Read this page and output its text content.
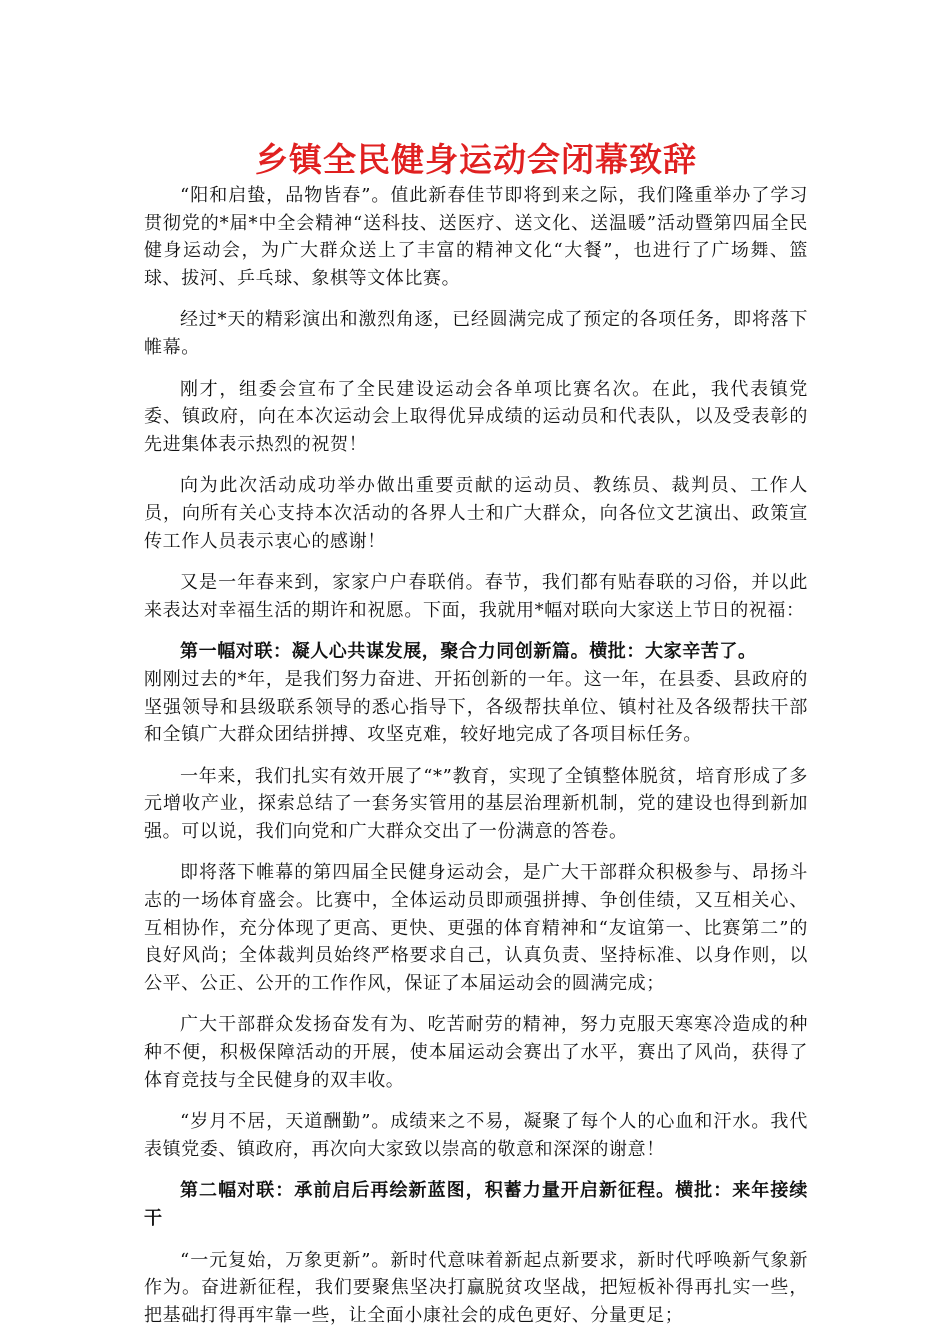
乡镇全民健身运动会闭幕致辞

“阳和启蛰，品物皆春”。值此新春佳节即将到来之际，我们隆重举办了学习贯彻党的*届*中全会精神“送科技、送医疗、送文化、送温暖”活动暨第四届全民健身运动会，为广大群众送上了丰富的精神文化“大餐”，也进行了广场舞、篮球、拔河、乒乓球、象棋等文体比赛。

经过*天的精彩演出和激烈角逐，已经圆满完成了预定的各项任务，即将落下帷幕。

刚才，组委会宣布了全民建设运动会各单项比赛名次。在此，我代表镇党委、镇政府，向在本次运动会上取得优异成绩的运动员和代表队，以及受表彰的先进集体表示热烈的祝贺！

向为此次活动成功举办做出重要贡献的运动员、教练员、裁判员、工作人员，向所有关心支持本次活动的各界人士和广大群众，向各位文艺演出、政策宣传工作人员表示衷心的感谢！

又是一年春来到，家家户户春联俏。春节，我们都有贴春联的习俗，并以此来表达对幸福生活的期许和祝愿。下面，我就用*幅对联向大家送上节日的祝福：

第一幅对联：凝人心共谋发展，聚合力同创新篇。横批：大家辛苦了。

刚刚过去的*年，是我们努力奋进、开拓创新的一年。这一年，在县委、县政府的坚强领导和县级联系领导的悉心指导下，各级帮扶单位、镇村社及各级帮扶干部和全镇广大群众团结拼搏、攻坚克难，较好地完成了各项目标任务。

一年来，我们扎实有效开展了“*”教育，实现了全镇整体脱贫，培育形成了多元增收产业，探索总结了一套务实管用的基层治理新机制，党的建设也得到新加强。可以说，我们向党和广大群众交出了一份满意的答卷。

即将落下帷幕的第四届全民健身运动会，是广大干部群众积极参与、昂扬斗志的一场体育盛会。比赛中，全体运动员即顽强拼搏、争创佳绩，又互相关心、互相协作，充分体现了更高、更快、更强的体育精神和“友谊第一、比赛第二”的良好风尚；全体裁判员始终严格要求自己，认真负责、坚持标准、以身作则，以公平、公正、公开的工作作风，保证了本届运动会的圆满完成；

广大干部群众发扬奋发有为、吃苦耐劳的精神，努力克服天寒寒冷造成的种种不便，积极保障活动的开展，使本届运动会赛出了水平，赛出了风尚，获得了体育竞技与全民健身的双丰收。

“岁月不居，天道酬勤”。成绩来之不易，凝聚了每个人的心血和汗水。我代表镇党委、镇政府，再次向大家致以崇高的敬意和深深的谢意！

第二幅对联：承前启后再绘新蓝图，积蓄力量开启新征程。横批：来年接续干

“一元复始，万象更新”。新时代意味着新起点新要求，新时代呼唤新气象新作为。奋进新征程，我们要聚焦坚决打赢脱贫攻坚战，把短板补得再扎实一些，把基础打得再牢靠一些，让全面小康社会的成色更好、分量更足；
